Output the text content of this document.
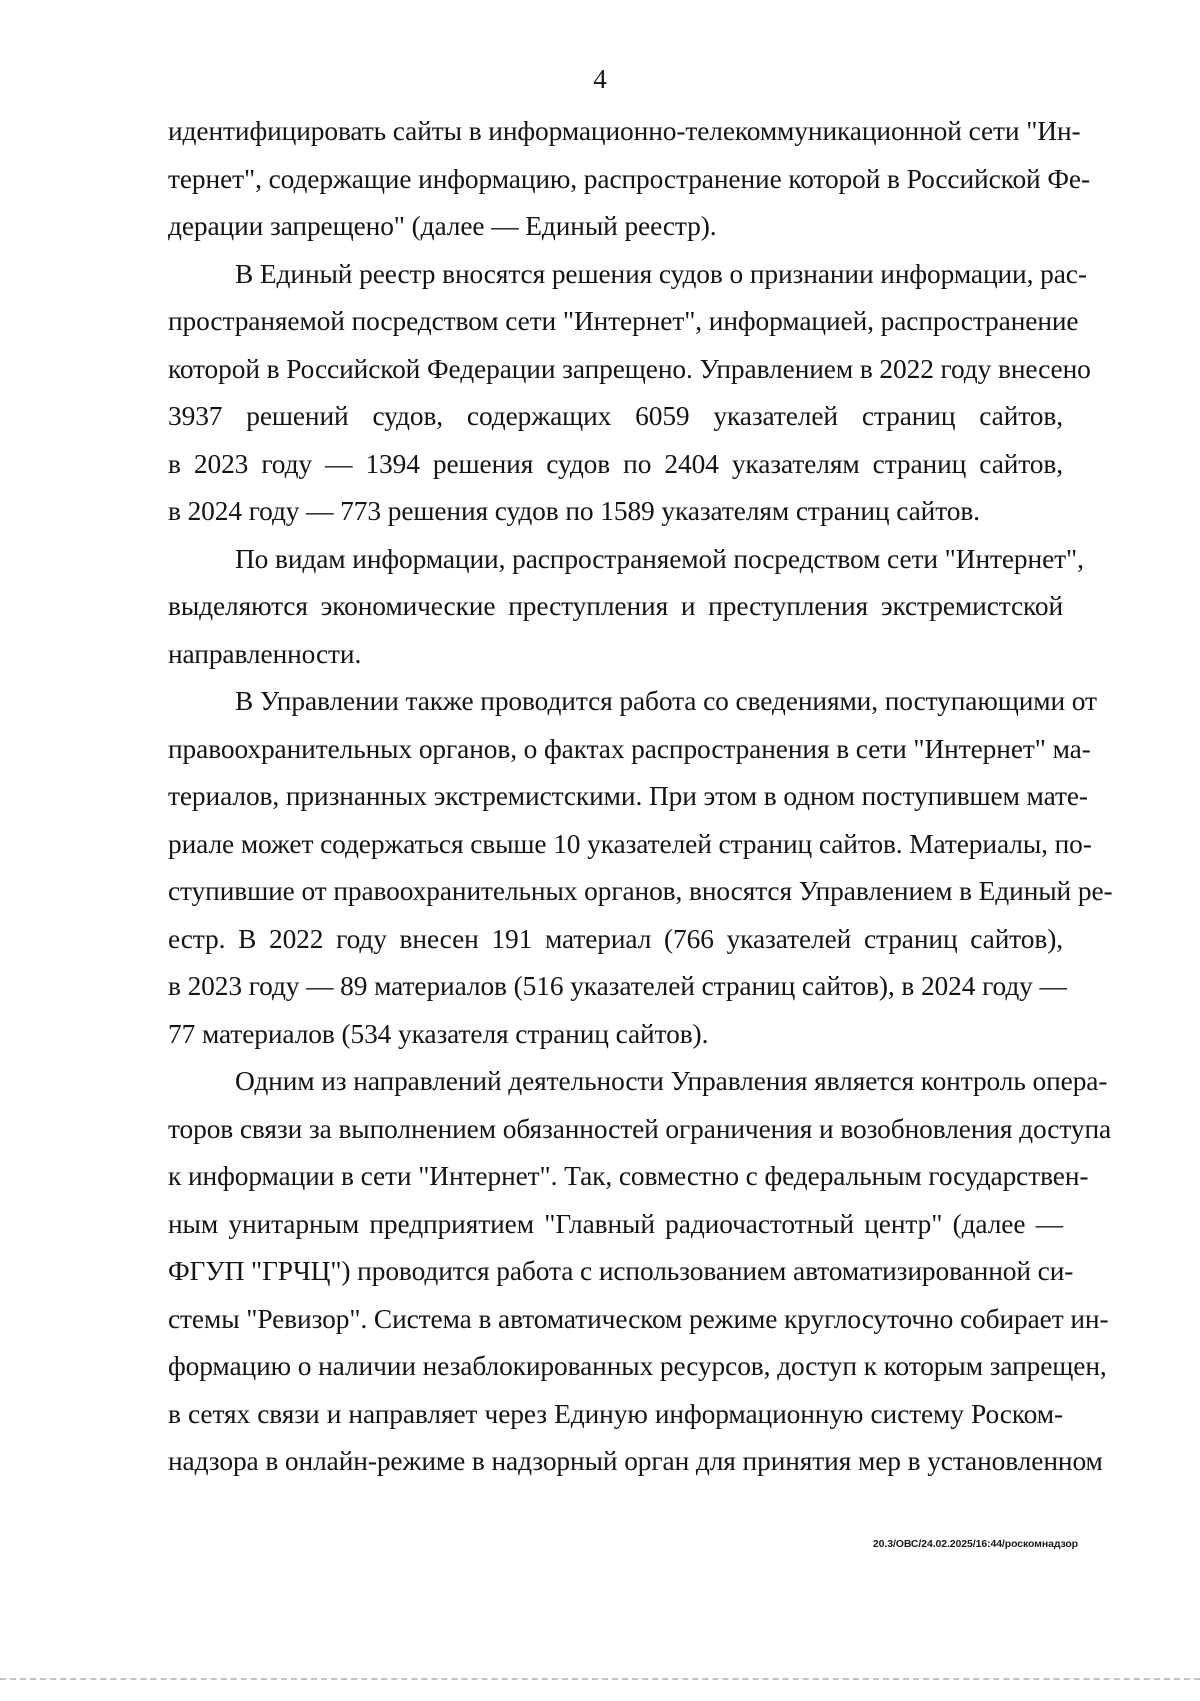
4

идентифицировать сайты в информационно-телекоммуникационной сети "Ин-
тернет", содержащие информацию, распространение которой в Российской Фе-
дерации запрещено" (далее — Единый реестр).

В Единый реестр вносятся решения судов о признании информации, рас-
пространяемой посредством сети "Интернет", информацией, распространение
которой в Российской Федерации запрещено. Управлением в 2022 году внесено
3937 решений судов, содержащих 6059 указателей страниц сайтов,
в 2023 году — 1394 решения судов по 2404 указателям страниц сайтов,
в 2024 году — 773 решения судов по 1589 указателям страниц сайтов.

По видам информации, распространяемой посредством сети "Интернет",
выделяются экономические преступления и преступления экстремистской
направленности.

В Управлении также проводится работа со сведениями, поступающими от
правоохранительных органов, о фактах распространения в сети "Интернет" ма-
териалов, признанных экстремистскими. При этом в одном поступившем мате-
риале может содержаться свыше 10 указателей страниц сайтов. Материалы, по-
ступившие от правоохранительных органов, вносятся Управлением в Единый ре-
естр. В 2022 году внесен 191 материал (766 указателей страниц сайтов),
в 2023 году — 89 материалов (516 указателей страниц сайтов), в 2024 году —
77 материалов (534 указателя страниц сайтов).

Одним из направлений деятельности Управления является контроль опера-
торов связи за выполнением обязанностей ограничения и возобновления доступа
к информации в сети "Интернет". Так, совместно с федеральным государствен-
ным унитарным предприятием "Главный радиочастотный центр" (далее —
ФГУП "ГРЧЦ") проводится работа с использованием автоматизированной си-
стемы "Ревизор". Система в автоматическом режиме круглосуточно собирает ин-
формацию о наличии незаблокированных ресурсов, доступ к которым запрещен,
в сетях связи и направляет через Единую информационную систему Роском-
надзора в онлайн-режиме в надзорный орган для принятия мер в установленном

20.3/ОВС/24.02.2025/16:44/роскомнадзор
